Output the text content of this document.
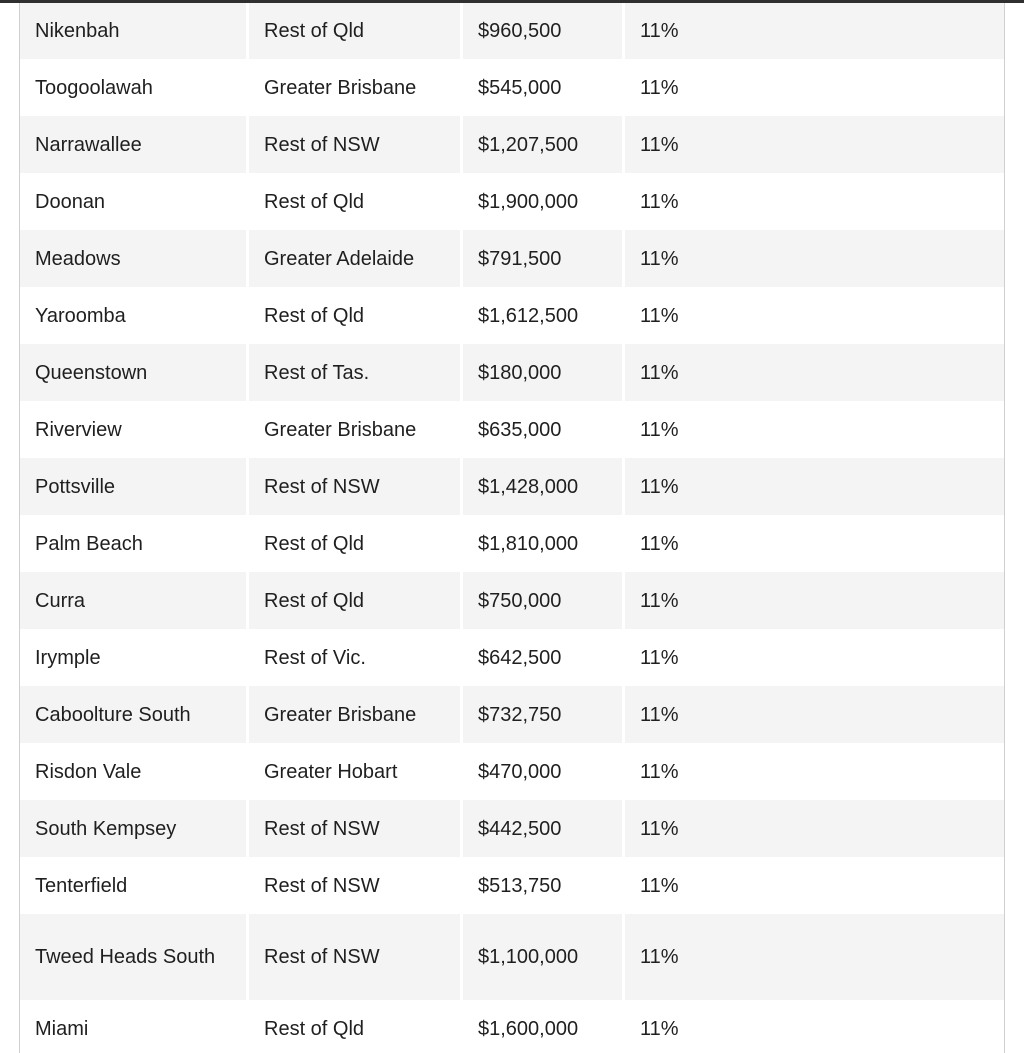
Nikenbah	Rest of Qld	$960,500	11%
Toogoolawah	Greater Brisbane	$545,000	11%
Narrawallee	Rest of NSW	$1,207,500	11%
Doonan	Rest of Qld	$1,900,000	11%
Meadows	Greater Adelaide	$791,500	11%
Yaroomba	Rest of Qld	$1,612,500	11%
Queenstown	Rest of Tas.	$180,000	11%
Riverview	Greater Brisbane	$635,000	11%
Pottsville	Rest of NSW	$1,428,000	11%
Palm Beach	Rest of Qld	$1,810,000	11%
Curra	Rest of Qld	$750,000	11%
Irymple	Rest of Vic.	$642,500	11%
Caboolture South	Greater Brisbane	$732,750	11%
Risdon Vale	Greater Hobart	$470,000	11%
South Kempsey	Rest of NSW	$442,500	11%
Tenterfield	Rest of NSW	$513,750	11%
Tweed Heads South	Rest of NSW	$1,100,000	11%
Miami	Rest of Qld	$1,600,000	11%
